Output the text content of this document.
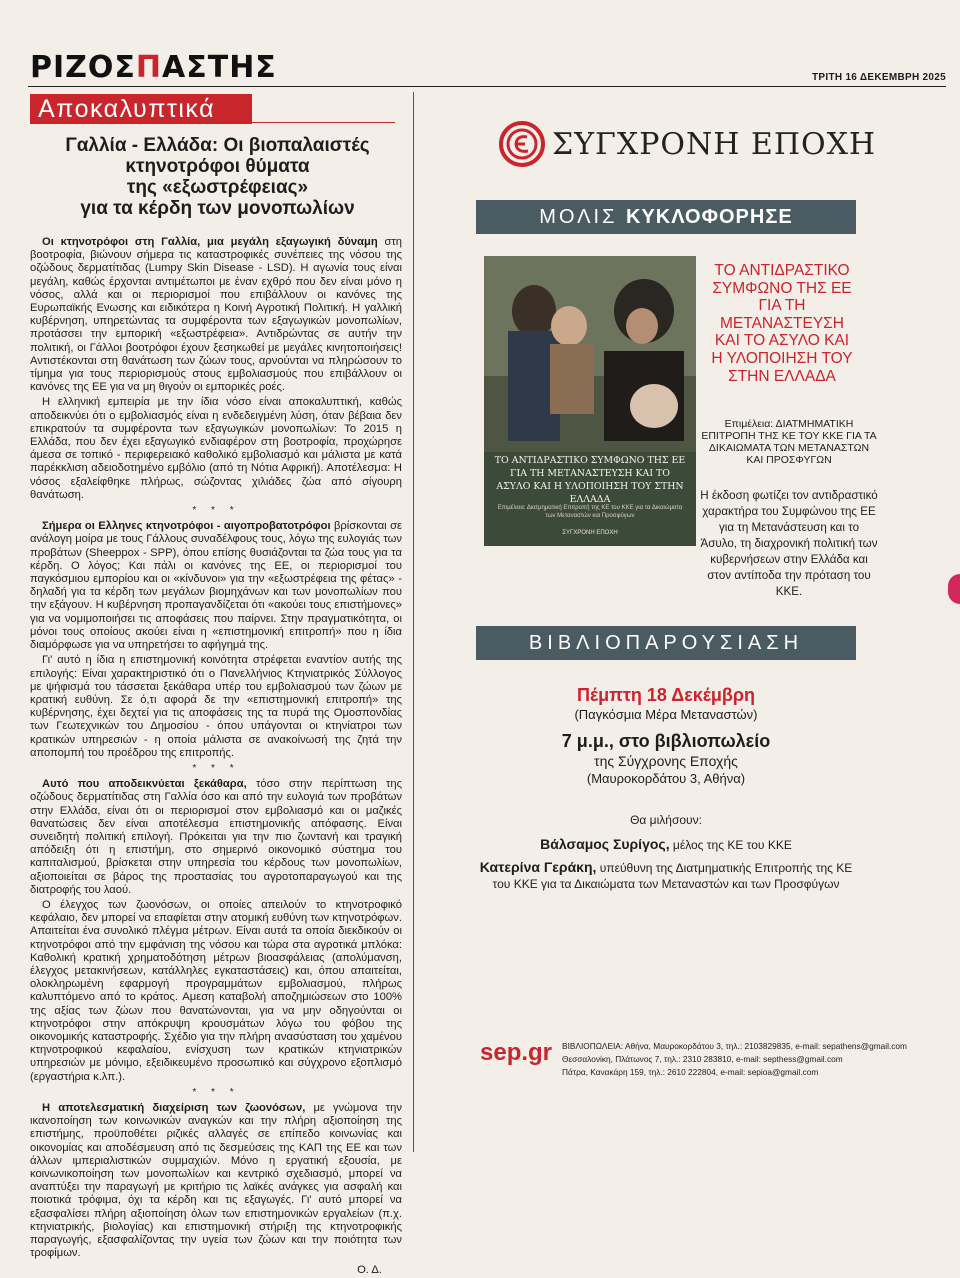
ΡΙΖΟΣΠΑΣΤΗΣ	ΤΡΙΤΗ 16 ΔΕΚΕΜΒΡΗ 2025
Αποκαλυπτικά
Γαλλία - Ελλάδα: Οι βιοπαλαιστές
κτηνοτρόφοι θύματα
της «εξωστρέφειας»
για τα κέρδη των μονοπωλίων

Οι κτηνοτρόφοι στη Γαλλία, μια μεγάλη εξαγωγική δύναμη στη βοοτροφία, βιώνουν σήμερα τις καταστροφικές συνέπειες της νόσου της οζώδους δερματίτιδας (Lumpy Skin Disease - LSD). Η αγωνία τους είναι μεγάλη, καθώς έρχονται αντιμέτωποι με έναν εχθρό που δεν είναι μόνο η νόσος, αλλά και οι περιορισμοί που επιβάλλουν οι κανόνες της Ευρωπαϊκής Ενωσης και ειδικότερα η Κοινή Αγροτική Πολιτική. Η γαλλική κυβέρνηση, υπηρετώντας τα συμφέροντα των εξαγωγικών μονοπωλίων, προτάσσει την εμπορική «εξωστρέφεια». Αντιδρώντας σε αυτήν την πολιτική, οι Γάλλοι βοοτρόφοι έχουν ξεσηκωθεί με μεγάλες κινητοποιήσεις! Αντιστέκονται στη θανάτωση των ζώων τους, αρνούνται να πληρώσουν το τίμημα για τους περιορισμούς στους εμβολιασμούς που επιβάλλουν οι κανόνες της ΕΕ για να μη θιγούν οι εμπορικές ροές.

Η ελληνική εμπειρία με την ίδια νόσο είναι αποκαλυπτική, καθώς αποδεικνύει ότι ο εμβολιασμός είναι η ενδεδειγμένη λύση, όταν βέβαια δεν επικρατούν τα συμφέροντα των εξαγωγικών μονοπωλίων: Το 2015 η Ελλάδα, που δεν έχει εξαγωγικό ενδιαφέρον στη βοοτροφία, προχώρησε άμεσα σε τοπικό - περιφερειακό καθολικό εμβολιασμό και μάλιστα με κατά παρέκκλιση αδειοδοτημένο εμβόλιο (από τη Νότια Αφρική). Αποτέλεσμα: Η νόσος εξαλείφθηκε πλήρως, σώζοντας χιλιάδες ζώα από σίγουρη θανάτωση.

* * *

Σήμερα οι Ελληνες κτηνοτρόφοι - αιγοπροβατοτρόφοι βρίσκονται σε ανάλογη μοίρα με τους Γάλλους συναδέλφους τους, λόγω της ευλογιάς των προβάτων (Sheeppox - SPP), όπου επίσης θυσιάζονται τα ζώα τους για τα κέρδη. Ο λόγος; Και πάλι οι κανόνες της ΕΕ, οι περιορισμοί του παγκόσμιου εμπορίου και οι «κίνδυνοι» για την «εξωστρέφεια της φέτας» - δηλαδή για τα κέρδη των μεγάλων βιομηχάνων και των μονοπωλίων που την εξάγουν. Η κυβέρνηση προπαγανδίζεται ότι «ακούει τους επιστήμονες» για να νομιμοποιήσει τις αποφάσεις που παίρνει. Στην πραγματικότητα, οι μόνοι τους οποίους ακούει είναι η «επιστημονική επιτροπή» που η ίδια διαμόρφωσε για να υπηρετήσει το αφήγημά της.

Γι' αυτό η ίδια η επιστημονική κοινότητα στρέφεται εναντίον αυτής της επιλογής: Είναι χαρακτηριστικό ότι ο Πανελλήνιος Κτηνιατρικός Σύλλογος με ψήφισμά του τάσσεται ξεκάθαρα υπέρ του εμβολιασμού των ζώων με κρατική ευθύνη. Σε ό,τι αφορά δε την «επιστημονική επιτροπή» της κυβέρνησης, έχει δεχτεί για τις αποφάσεις της τα πυρά της Ομοσπονδίας των Γεωτεχνικών του Δημοσίου - όπου υπάγονται οι κτηνίατροι των κρατικών υπηρεσιών - η οποία μάλιστα σε ανακοίνωσή της ζητά την αποπομπή του προέδρου της επιτροπής.

* * *

Αυτό που αποδεικνύεται ξεκάθαρα, τόσο στην περίπτωση της οζώδους δερματίτιδας στη Γαλλία όσο και από την ευλογιά των προβάτων στην Ελλάδα, είναι ότι οι περιορισμοί στον εμβολιασμό και οι μαζικές θανατώσεις δεν είναι αποτέλεσμα επιστημονικής απόφασης. Είναι συνειδητή πολιτική επιλογή. Πρόκειται για την πιο ζωντανή και τραγική απόδειξη ότι η επιστήμη, στο σημερινό οικονομικό σύστημα του καπιταλισμού, βρίσκεται στην υπηρεσία του κέρδους των μονοπωλίων, αξιοποιείται σε βάρος της προστασίας του αγροτοπαραγωγού και της διατροφής του λαού.

Ο έλεγχος των ζωονόσων, οι οποίες απειλούν το κτηνοτροφικό κεφάλαιο, δεν μπορεί να επαφίεται στην ατομική ευθύνη των κτηνοτρόφων. Απαιτείται ένα συνολικό πλέγμα μέτρων. Είναι αυτά τα οποία διεκδικούν οι κτηνοτρόφοι από την εμφάνιση της νόσου και τώρα στα αγροτικά μπλόκα: Καθολική κρατική χρηματοδότηση μέτρων βιοασφάλειας (απολύμανση, έλεγχος μετακινήσεων, κατάλληλες εγκαταστάσεις) και, όπου απαιτείται, ολοκληρωμένη εφαρμογή προγραμμάτων εμβολιασμού, πλήρως καλυπτόμενο από το κράτος. Αμεση καταβολή αποζημιώσεων στο 100% της αξίας των ζώων που θανατώνονται, για να μην οδηγούνται οι κτηνοτρόφοι στην απόκρυψη κρουσμάτων λόγω του φόβου της οικονομικής καταστροφής. Σχέδιο για την πλήρη ανασύσταση του χαμένου κτηνοτροφικού κεφαλαίου, ενίσχυση των κρατικών κτηνιατρικών υπηρεσιών με μόνιμο, εξειδικευμένο προσωπικό και σύγχρονο εξοπλισμό (εργαστήρια κ.λπ.).

* * *

Η αποτελεσματική διαχείριση των ζωονόσων, με γνώμονα την ικανοποίηση των κοινωνικών αναγκών και την πλήρη αξιοποίηση της επιστήμης, προϋποθέτει ριζικές αλλαγές σε επίπεδο κοινωνίας και οικονομίας και αποδέσμευση από τις δεσμεύσεις της ΚΑΠ της ΕΕ και των άλλων ιμπεριαλιστικών συμμαχιών. Μόνο η εργατική εξουσία, με κοινωνικοποίηση των μονοπωλίων και κεντρικό σχεδιασμό, μπορεί να αναπτύξει την παραγωγή με κριτήριο τις λαϊκές ανάγκες για ασφαλή και ποιοτικά τρόφιμα, όχι τα κέρδη και τις εξαγωγές. Γι' αυτό μπορεί να εξασφαλίσει πλήρη αξιοποίηση όλων των επιστημονικών εργαλείων (π.χ. κτηνιατρικής, βιολογίας) και επιστημονική στήριξη της κτηνοτροφικής παραγωγής, εξασφαλίζοντας την υγεία των ζώων και την ποιότητα των τροφίμων.

Ο. Δ.
ΣΥΓΧΡΟΝΗ ΕΠΟΧΗ
ΜΟΛΙΣ ΚΥΚΛΟΦΟΡΗΣΕ
ΤΟ ΑΝΤΙΔΡΑΣΤΙΚΟ ΣΥΜΦΩΝΟ ΤΗΣ ΕΕ ΓΙΑ ΤΗ ΜΕΤΑΝΑΣΤΕΥΣΗ ΚΑΙ ΤΟ ΑΣΥΛΟ ΚΑΙ Η ΥΛΟΠΟΙΗΣΗ ΤΟΥ ΣΤΗΝ ΕΛΛΑΔΑ
Επιμέλεια: Διατμηματική Επιτροπή της ΚΕ του ΚΚΕ για τα Δικαιώματα των Μεταναστών και Προσφύγων
ΣΥΓΧΡΟΝΗ ΕΠΟΧΗ
ΤΟ ΑΝΤΙΔΡΑΣΤΙΚΟ
ΣΥΜΦΩΝΟ ΤΗΣ ΕΕ
ΓΙΑ ΤΗ
ΜΕΤΑΝΑΣΤΕΥΣΗ
ΚΑΙ ΤΟ ΑΣΥΛΟ ΚΑΙ
Η ΥΛΟΠΟΙΗΣΗ ΤΟΥ
ΣΤΗΝ ΕΛΛΑΔΑ
Επιμέλεια: ΔΙΑΤΜΗΜΑΤΙΚΗ ΕΠΙΤΡΟΠΗ ΤΗΣ ΚΕ ΤΟΥ ΚΚΕ ΓΙΑ ΤΑ ΔΙΚΑΙΩΜΑΤΑ ΤΩΝ ΜΕΤΑΝΑΣΤΩΝ ΚΑΙ ΠΡΟΣΦΥΓΩΝ
Η έκδοση φωτίζει τον αντιδραστικό χαρακτήρα του Συμφώνου της ΕΕ για τη Μετανάστευση και το Άσυλο, τη διαχρονική πολιτική των κυβερνήσεων στην Ελλάδα και στον αντίποδα την πρόταση του ΚΚΕ.
ΒΙΒΛΙΟΠΑΡΟΥΣΙΑΣΗ
Πέμπτη 18 Δεκέμβρη
(Παγκόσμια Μέρα Μεταναστών)
7 μ.μ., στο βιβλιοπωλείο
της Σύγχρονης Εποχής
(Μαυροκορδάτου 3, Αθήνα)
Θα μιλήσουν:
Βάλσαμος Συρίγος, μέλος της ΚΕ του ΚΚΕ
Κατερίνα Γεράκη, υπεύθυνη της Διατμηματικής Επιτροπής της ΚΕ του ΚΚΕ για τα Δικαιώματα των Μεταναστών και των Προσφύγων
sep.gr ΒΙΒΛΙΟΠΩΛΕΙΑ: Αθήνα, Μαυροκορδάτου 3, τηλ.: 2103829835, e-mail: sepathens@gmail.com
Θεσσαλονίκη, Πλάτωνος 7, τηλ.: 2310 283810, e-mail: septhess@gmail.com
Πάτρα, Κανακάρη 159, τηλ.: 2610 222804, e-mail: sepioa@gmail.com
